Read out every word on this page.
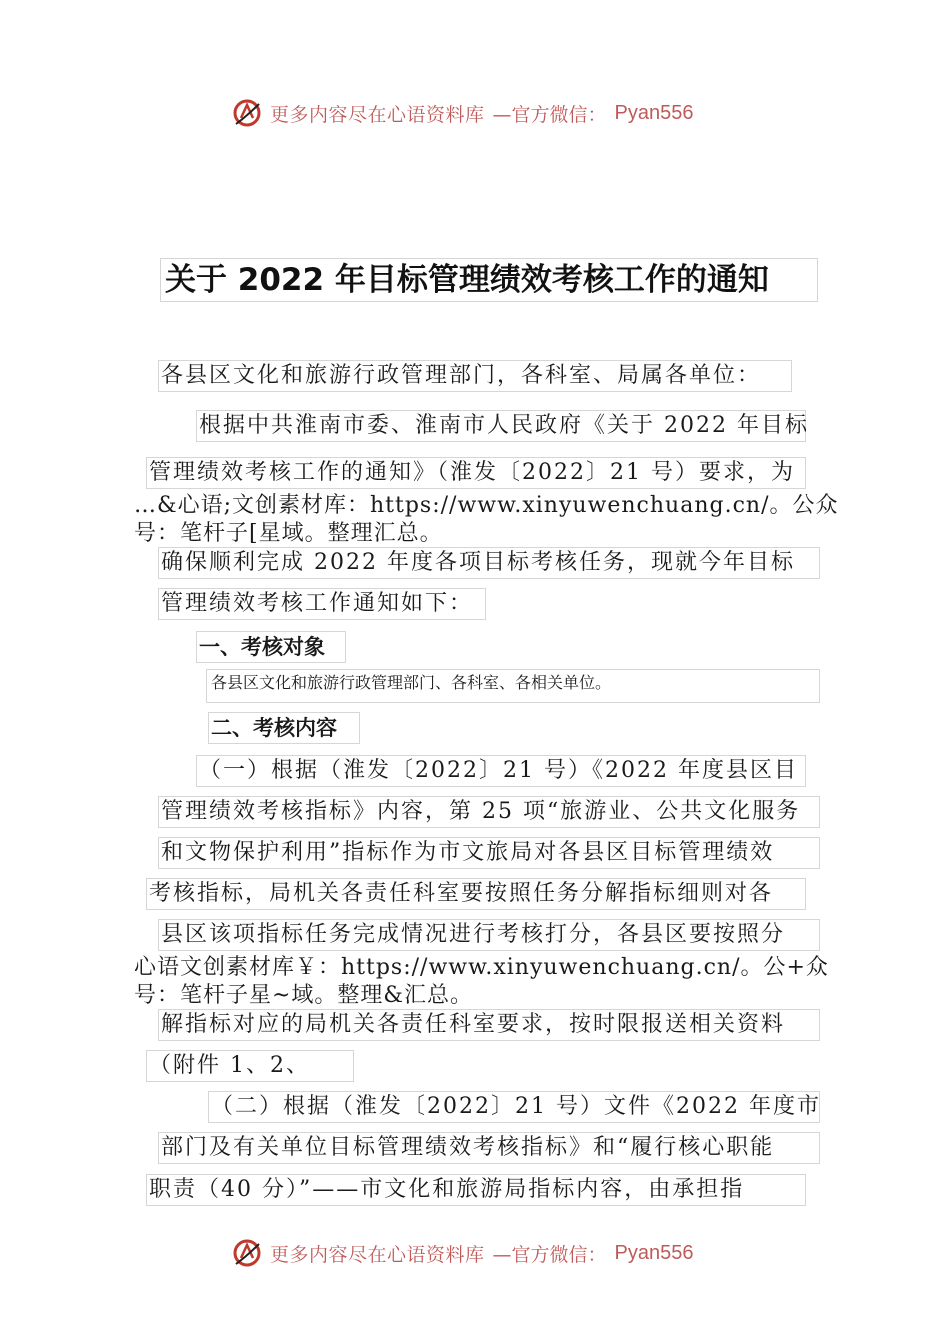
更多内容尽在心语资料库 —官方微信： Pyan556
关于 2022 年目标管理绩效考核工作的通知
各县区文化和旅游行政管理部门，各科室、局属各单位：
根据中共淮南市委、淮南市人民政府《关于 2022 年目标
管理绩效考核工作的通知》（淮发〔2022〕21 号）要求，为
…&心语;文创素材库：https://www.xinyuwenchuang.cn/。公众
号：笔杆子[星域。整理汇总。
确保顺利完成 2022 年度各项目标考核任务，现就今年目标
管理绩效考核工作通知如下：
一、考核对象
各县区文化和旅游行政管理部门、各科室、各相关单位。
二、考核内容
（一）根据（淮发〔2022〕21 号）《2022 年度县区目
管理绩效考核指标》内容，第 25 项“旅游业、公共文化服务
和文物保护利用”指标作为市文旅局对各县区目标管理绩效
考核指标，局机关各责任科室要按照任务分解指标细则对各
县区该项指标任务完成情况进行考核打分，各县区要按照分
心语文创素材库￥：https://www.xinyuwenchuang.cn/。公+众
号：笔杆子星~域。整理&汇总。
解指标对应的局机关各责任科室要求，按时限报送相关资料
（附件 1、2、
（二）根据（淮发〔2022〕21 号）文件《2022 年度市
部门及有关单位目标管理绩效考核指标》和“履行核心职能
职责（40 分）”——市文化和旅游局指标内容，由承担指
更多内容尽在心语资料库 —官方微信： Pyan556
